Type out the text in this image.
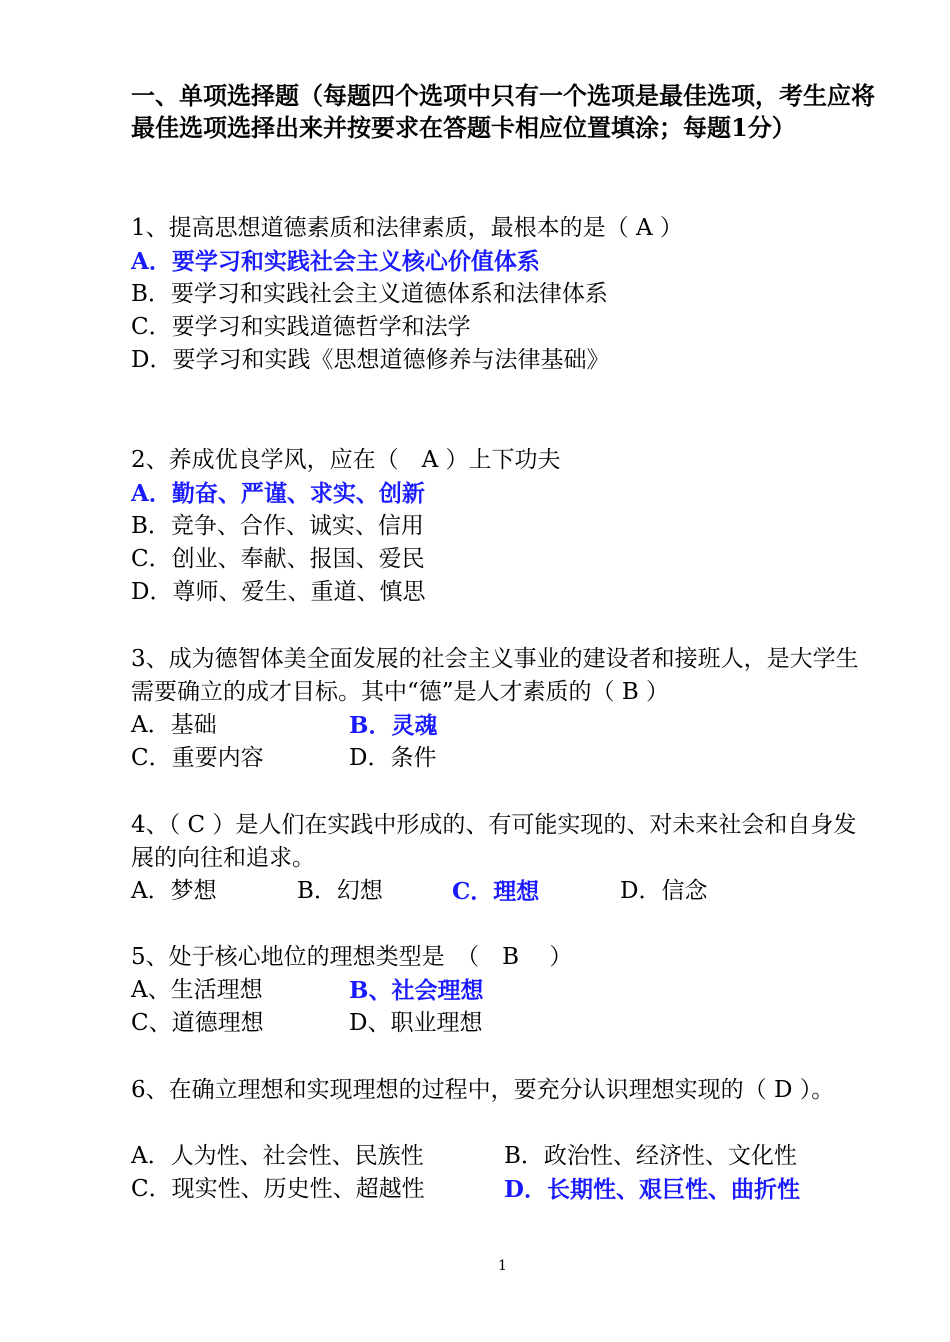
一、单项选择题（每题四个选项中只有一个选项是最佳选项，考生应将最佳选项选择出来并按要求在答题卡相应位置填涂；每题1分）
1、提高思想道德素质和法律素质，最根本的是（ A ）
A．要学习和实践社会主义核心价值体系
B．要学习和实践社会主义道德体系和法律体系
C．要学习和实践道德哲学和法学
D．要学习和实践《思想道德修养与法律基础》
2、养成优良学风，应在（　A ）上下功夫
A．勤奋、严谨、求实、创新
B．竞争、合作、诚实、信用
C．创业、奉献、报国、爱民
D．尊师、爱生、重道、慎思
3、成为德智体美全面发展的社会主义事业的建设者和接班人，是大学生需要确立的成才目标。其中“德”是人才素质的（ B ）
A．基础	B．灵魂
C．重要内容	D．条件
4、（ C ）是人们在实践中形成的、有可能实现的、对未来社会和自身发展的向往和追求。
A．梦想	B．幻想	C．理想	D．信念
5、处于核心地位的理想类型是　（　B　 ）
A、生活理想	B、社会理想
C、道德理想	D、职业理想
6、在确立理想和实现理想的过程中，要充分认识理想实现的（ D ）。
A．人为性、社会性、民族性	B．政治性、经济性、文化性
C．现实性、历史性、超越性	D．长期性、艰巨性、曲折性
1
